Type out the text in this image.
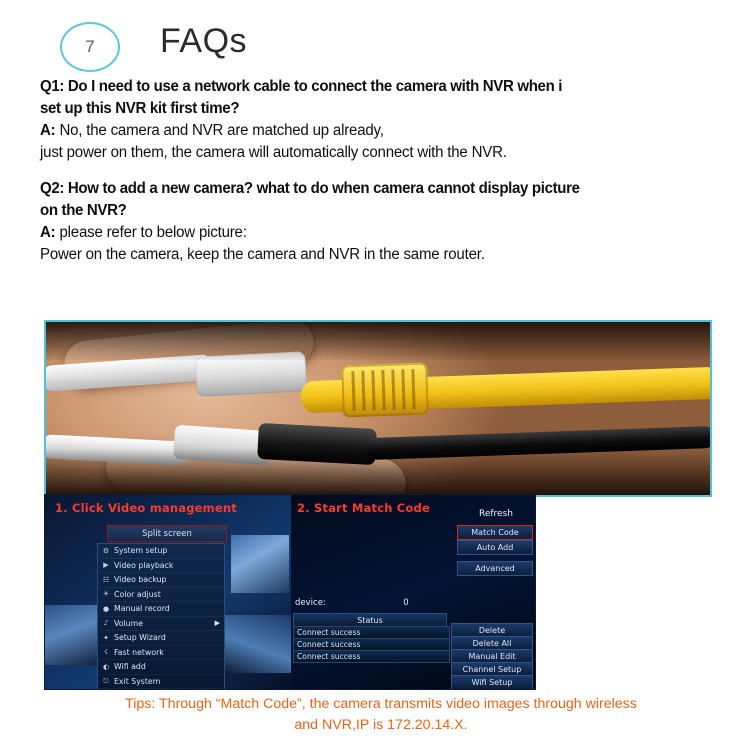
7	FAQs
Q1: Do I need to use a network cable to connect the camera with NVR when i
set up this NVR kit first time?
A: No, the camera and NVR are matched up already,
just power on them, the camera will automatically connect with the NVR.
Q2: How to add a new camera? what to do when camera cannot display picture
on the NVR?
A: please refer to below picture:
Power on the camera, keep the camera and NVR in the same router.
Split screen
⚙ System setup
▶ Video playback
☷ Video backup
☀ Color adjust
● Manual record
♪ Volume	▶
✦ Setup Wizard
☇ Fast network
◐ Wifi add
⎋ Exit System
1. Click Video management	Refresh
Match Code
Auto Add
Advanced
device:	0
Status
Connect success
Connect success
Connect success
Delete
Delete All
Manual Edit
Channel Setup
Wifi Setup
2. Start Match Code
Tips: Through “Match Code”, the camera transmits video images through wireless
and NVR,IP is 172.20.14.X.
